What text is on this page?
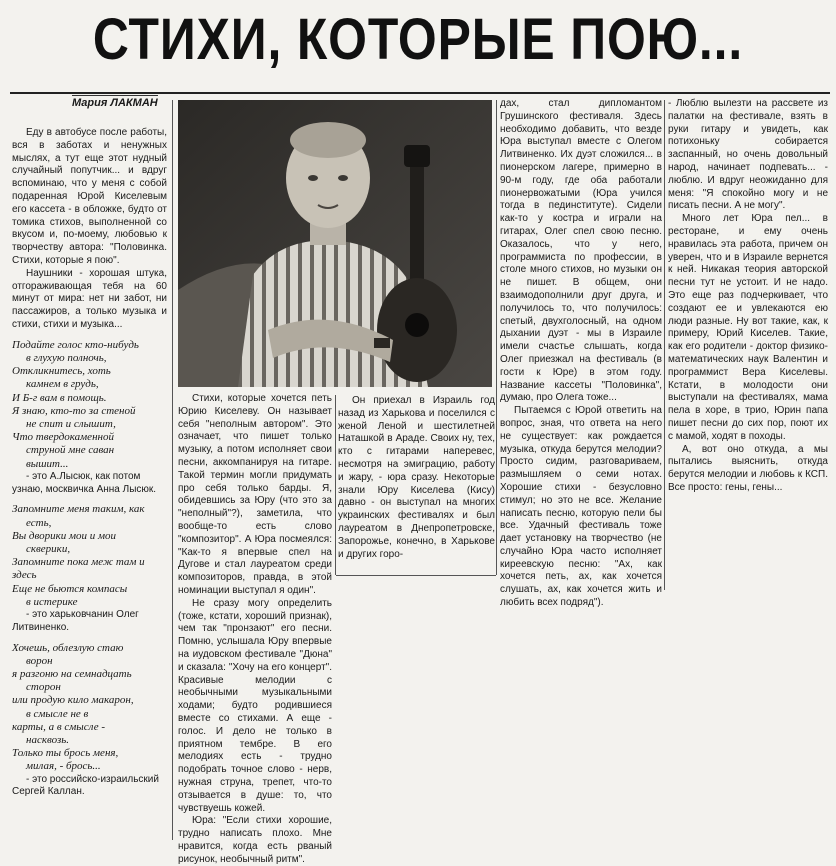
СТИХИ, КОТОРЫЕ ПОЮ...
Мария ЛАКМАН

Еду в автобусе после работы, вся в заботах и ненужных мыслях, а тут еще этот нудный случайный попутчик... и вдруг вспоминаю, что у меня с собой подаренная Юрой Киселевым его кассета - в обложке, будто от томика стихов, выполненной со вкусом и, по-моему, любовью к творчеству автора: "Половинка. Стихи, которые я пою".

Наушники - хорошая штука, отгораживающая тебя на 60 минут от мира: нет ни забот, ни пассажиров, а только музыка и стихи, стихи и музыка...

Подайте голос кто-нибудь

в глухую полночь,

Откликнитесь, хоть

камнем в грудь,

И Б-г вам в помощь.

Я знаю, кто-то за стеной

не спит и слышит,

Что твердокаменной

струной мне саван

вышит...

- это А.Лысюк, как потом узнаю, москвичка Анна Лысюк.

Запомните меня таким, как

есть,

Вы дворики мои и мои

скверики,

Запомните пока меж там и

здесь

Еще не бьются компасы

в истерике

- это харьковчанин Олег Литвиненко.

Хочешь, облезлую стаю

ворон

я разгоню на семнадцать

сторон

или продую кило макарон,

в смысле не в

карты, а в смысле -

насквозь.

Только ты брось меня,

милая, - брось...

- это российско-израильский Сергей Каллан.

Стихи, которые хочется петь Юрию Киселеву. Он называет себя "неполным автором". Это означает, что пишет только музыку, а потом исполняет свои песни, аккомпанируя на гитаре. Такой термин могли придумать про себя только барды. Я, обидевшись за Юру (что это за "неполный"?), заметила, что вообще-то есть слово "композитор". А Юра посмеялся: "Как-то я впервые спел на Дугове и стал лауреатом среди композиторов, правда, в этой номинации выступал я один".

Не сразу могу определить (тоже, кстати, хороший признак), чем так "пронзают" его песни. Помню, услышала Юру впервые на иудовском фестивале "Дюна" и сказала: "Хочу на его концерт". Красивые мелодии с необычными музыкальными ходами; будто родившиеся вместе со стихами. А еще - голос. И дело не только в приятном тембре. В его мелодиях есть - трудно подобрать точное слово - нерв, нужная струна, трепет, что-то отзывается в душе: то, что чувствуешь кожей.

Юра: "Если стихи хорошие, трудно написать плохо. Мне нравится, когда есть рваный рисунок, необычный ритм".

Он приехал в Израиль год назад из Харькова и поселился с женой Леной и шестилетней Наташкой в Араде. Своих ну, тех, кто с гитарами наперевес, несмотря на эмиграцию, работу и жару, - юра сразу. Некоторые знали Юру Киселева (Кису) давно - он выступал на многих украинских фестивалях и был лауреатом в Днепропетровске, Запорожье, конечно, в Харькове и других горо-

дах, стал дипломантом Грушинского фестиваля. Здесь необходимо добавить, что везде Юра выступал вместе с Олегом Литвиненко. Их дуэт сложился... в пионерском лагере, примерно в 90-м году, где оба работали пионервожатыми (Юра учился тогда в пединституте). Сидели как-то у костра и играли на гитарах, Олег спел свою песню. Оказалось, что у него, программиста по профессии, в столе много стихов, но музыки он не пишет. В общем, они взаимодополнили друг друга, и получилось то, что получилось: спетый, двухголосный, на одном дыхании дуэт - мы в Израиле имели счастье слышать, когда Олег приезжал на фестиваль (в гости к Юре) в этом году. Название кассеты "Половинка", думаю, про Олега тоже...

Пытаемся с Юрой ответить на вопрос, зная, что ответа на него не существует: как рождается музыка, откуда берутся мелодии? Просто сидим, разговариваем, размышляем о семи нотах. Хорошие стихи - безусловно стимул; но это не все. Желание написать песню, которую пели бы все. Удачный фестиваль тоже дает установку на творчество (не случайно Юра часто исполняет киреевскую песню: "Ах, как хочется петь, ах, как хочется слушать, ах, как хочется жить и любить всех подряд").

- Люблю вылезти на рассвете из палатки на фестивале, взять в руки гитару и увидеть, как потихоньку собирается заспанный, но очень довольный народ, начинает подпевать... - люблю. И вдруг неожиданно для меня: "Я спокойно могу и не писать песни. А не могу".

Много лет Юра пел... в ресторане, и ему очень нравилась эта работа, причем он уверен, что и в Израиле вернется к ней. Никакая теория авторской песни тут не устоит. И не надо. Это еще раз подчеркивает, что создают ее и увлекаются ею люди разные. Ну вот такие, как, к примеру, Юрий Киселев. Такие, как его родители - доктор физико-математических наук Валентин и программист Вера Киселевы. Кстати, в молодости они выступали на фестивалях, мама пела в хоре, в трио, Юрин папа пишет песни до сих пор, поют их с мамой, ходят в походы.

А, вот оно откуда, а мы пытались выяснить, откуда берутся мелодии и любовь к КСП. Все просто: гены, гены...
